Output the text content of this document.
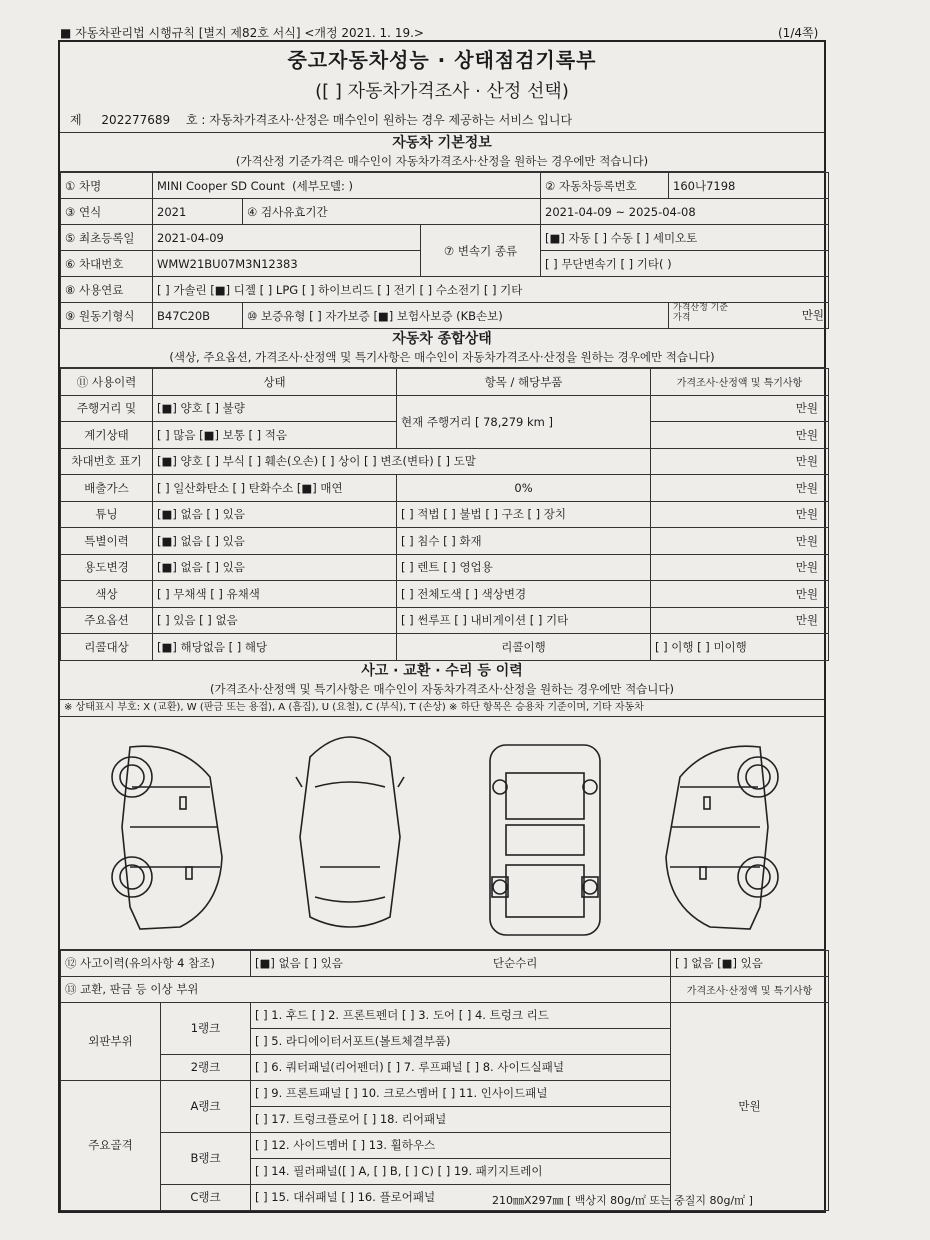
■ 자동차관리법 시행규칙 [별지 제82호 서식] <개정 2021. 1. 19.>	(1/4쪽)
중고자동차성능 · 상태점검기록부
([ ] 자동차가격조사 · 산정 선택)
제 202277689 호 : 자동차가격조사·산정은 매수인이 원하는 경우 제공하는 서비스 입니다
자동차 기본정보
(가격산정 기준가격은 매수인이 자동차가격조사·산정을 원하는 경우에만 적습니다)
① 차명	MINI Cooper SD Count (세부모델: )			② 자동차등록번호	160나7198
③ 연식	2021	④ 검사유효기간		2021-04-09 ~ 2025-04-08	
⑤ 최초등록일	2021-04-09		⑦ 변속기 종류	[■] 자동 [ ] 수동 [ ] 세미오토	
⑥ 차대번호	WMW21BU07M3N12383			[ ] 무단변속기 [ ] 기타( )	
⑧ 사용연료	[ ] 가솔린 [■] 디젤 [ ] LPG [ ] 하이브리드 [ ] 전기 [ ] 수소전기 [ ] 기타				
⑨ 원동기형식	B47C20B	⑩ 보증유형 [ ] 자가보증 [■] 보험사보증 (KB손보)			가격산정 기준가격 만원
자동차 종합상태
(색상, 주요옵션, 가격조사·산정액 및 특기사항은 매수인이 자동차가격조사·산정을 원하는 경우에만 적습니다)
⑪ 사용이력	상태	항목 / 해당부품	가격조사·산정액 및 특기사항
주행거리 및	[■] 양호 [ ] 불량	현재 주행거리 [ 78,279 km ]	만원
계기상태	[ ] 많음 [■] 보통 [ ] 적음		만원
차대번호 표기	[■] 양호 [ ] 부식 [ ] 훼손(오손) [ ] 상이 [ ] 변조(변타) [ ] 도말		만원
배출가스	[ ] 일산화탄소 [ ] 탄화수소 [■] 매연	0%	만원
튜닝	[■] 없음 [ ] 있음	[ ] 적법 [ ] 불법 [ ] 구조 [ ] 장치	만원
특별이력	[■] 없음 [ ] 있음	[ ] 침수 [ ] 화재	만원
용도변경	[■] 없음 [ ] 있음	[ ] 렌트 [ ] 영업용	만원
색상	[ ] 무채색 [ ] 유채색	[ ] 전체도색 [ ] 색상변경	만원
주요옵션	[ ] 있음 [ ] 없음	[ ] 썬루프 [ ] 내비게이션 [ ] 기타	만원
리콜대상	[■] 해당없음 [ ] 해당	리콜이행	[ ] 이행 [ ] 미이행
사고 · 교환 · 수리 등 이력
(가격조사·산정액 및 특기사항은 매수인이 자동차가격조사·산정을 원하는 경우에만 적습니다)
※ 상태표시 부호: X (교환), W (판금 또는 용접), A (흠집), U (요철), C (부식), T (손상) ※ 하단 항목은 승용차 기준이며, 기타 자동차
⑫ 사고이력(유의사항 4 참조)		[■] 없음 [ ] 있음 단순수리	[ ] 없음 [■] 있음
⑬ 교환, 판금 등 이상 부위			가격조사·산정액 및 특기사항
외판부위	1랭크	[ ] 1. 후드 [ ] 2. 프론트펜더 [ ] 3. 도어 [ ] 4. 트렁크 리드	만원
		[ ] 5. 라디에이터서포트(볼트체결부품)	
	2랭크	[ ] 6. 쿼터패널(리어펜더) [ ] 7. 루프패널 [ ] 8. 사이드실패널	
주요골격	A랭크	[ ] 9. 프론트패널 [ ] 10. 크로스멤버 [ ] 11. 인사이드패널	
		[ ] 17. 트렁크플로어 [ ] 18. 리어패널	
	B랭크	[ ] 12. 사이드멤버 [ ] 13. 휠하우스	
		[ ] 14. 필러패널([ ] A, [ ] B, [ ] C) [ ] 19. 패키지트레이	
	C랭크	[ ] 15. 대쉬패널 [ ] 16. 플로어패널		210㎜X297㎜ [ 백상지 80g/㎡ 또는 중질지 80g/㎡ ]
